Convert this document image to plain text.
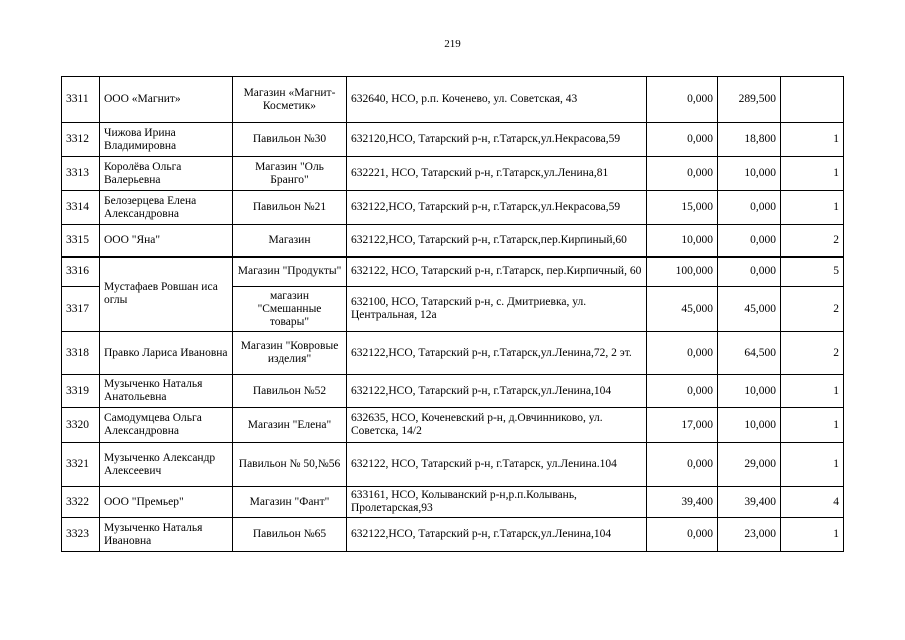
219
3311	ООО «Магнит»	Магазин «Магнит-Косметик»	632640, НСО, р.п. Коченево, ул. Советская, 43	0,000	289,500	
3312	Чижова Ирина Владимировна	Павильон №30	632120,НСО, Татарский р-н, г.Татарск,ул.Некрасова,59	0,000	18,800	1
3313	Королёва Ольга Валерьевна	Магазин "Оль Бранго"	632221, НСО, Татарский р-н, г.Татарск,ул.Ленина,81	0,000	10,000	1
3314	Белозерцева Елена Александровна	Павильон №21	632122,НСО, Татарский р-н, г.Татарск,ул.Некрасова,59	15,000	0,000	1
3315	ООО "Яна"	Магазин	632122,НСО, Татарский р-н, г.Татарск,пер.Кирпиный,60	10,000	0,000	2
3316	Мустафаев Ровшан иса оглы	Магазин "Продукты"	632122, НСО, Татарский р-н, г.Татарск, пер.Кирпичный, 60	100,000	0,000	5
3317		магазин "Смешанные товары"	632100, НСО, Татарский р-н, с. Дмитриевка, ул. Центральная, 12а	45,000	45,000	2
3318	Правко Лариса Ивановна	Магазин "Ковровые изделия"	632122,НСО, Татарский р-н, г.Татарск,ул.Ленина,72, 2 эт.	0,000	64,500	2
3319	Музыченко Наталья Анатольевна	Павильон №52	632122,НСО, Татарский р-н, г.Татарск,ул.Ленина,104	0,000	10,000	1
3320	Самодумцева Ольга Александровна	Магазин "Елена"	632635, НСО, Коченевский р-н, д.Овчинниково, ул. Советска, 14/2	17,000	10,000	1
3321	Музыченко Александр Алексеевич	Павильон № 50,№56	632122, НСО, Татарский р-н, г.Татарск, ул.Ленина.104	0,000	29,000	1
3322	ООО "Премьер"	Магазин "Фант"	633161, НСО, Колыванский р-н,р.п.Колывань, Пролетарская,93	39,400	39,400	4
3323	Музыченко Наталья Ивановна	Павильон №65	632122,НСО, Татарский р-н, г.Татарск,ул.Ленина,104	0,000	23,000	1
